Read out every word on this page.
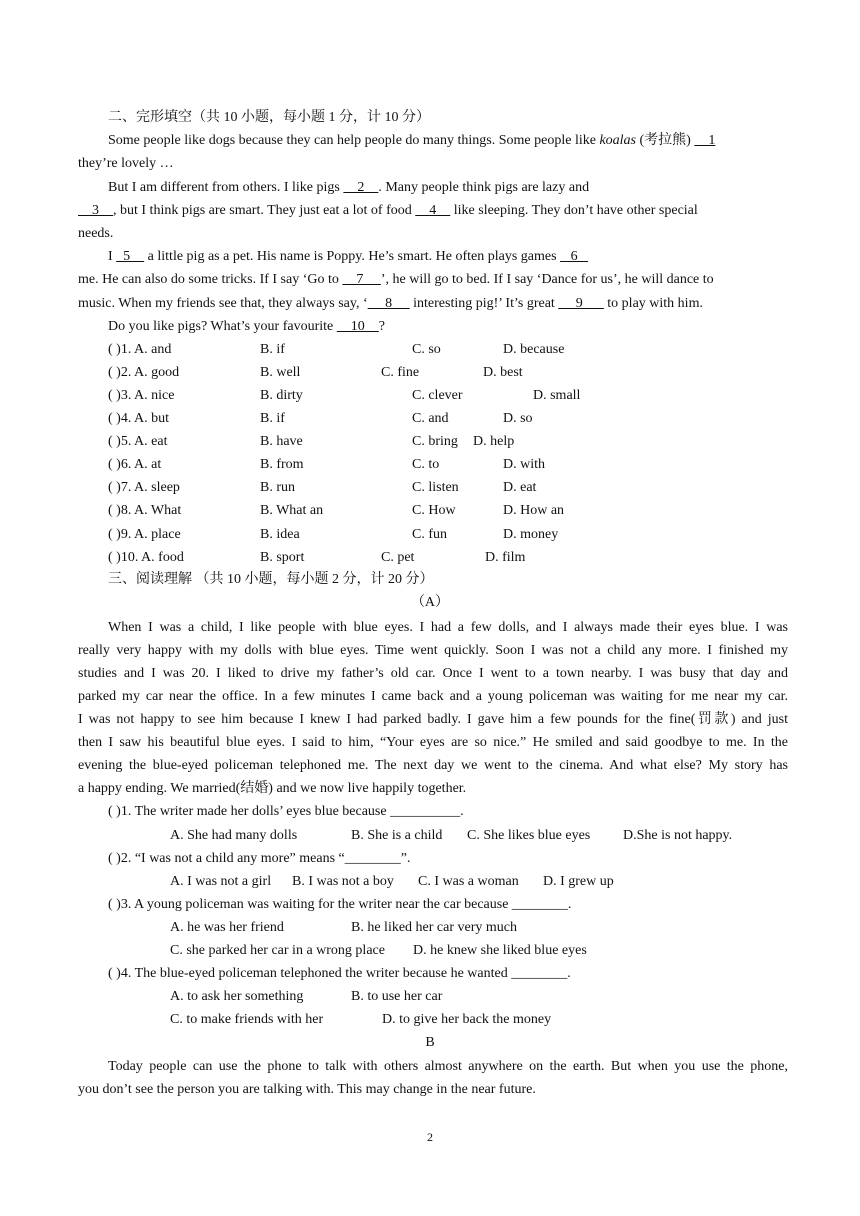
二、完形填空（共 10 小题，每小题 1 分，计 10 分）
Some people like dogs because they can help people do many things. Some people like koalas (考拉熊)     1
they’re lovely …
But I am different from others. I like pigs     2    . Many people think pigs are lazy and
3    , but I think pigs are smart. They just eat a lot of food     4     like sleeping. They don’t have other special
needs.
I   5     a little pig as a pet. His name is Poppy. He’s smart. He often plays games    6
me. He can also do some tricks. If I say ‘Go to     7     ’, he will go to bed. If I say ‘Dance for us’, he will dance to
music. When my friends see that, they always say, ‘     8      interesting pig!’ It’s great      9       to play with him.
Do you like pigs? What’s your favourite     10    ?
( )1. A. and	B. if	C. so	D. because
( )2. A. good	B. well	C. fine	D. best
( )3. A. nice	B. dirty	C. clever	D. small
( )4. A. but	B. if	C. and	D. so
( )5. A. eat	B. have	C. bring D. help
( )6. A. at	B. from	C. to	D. with
( )7. A. sleep	B. run	C. listen	D. eat
( )8. A. What	B. What an	C. How	D. How an
( )9. A. place	B. idea	C. fun	D. money
( )10. A. food	B. sport	C. pet	D. film
三、阅读理解 （共 10 小题，每小题 2 分，计 20 分）
（A）
When I was a child, I like people with blue eyes. I had a few dolls, and I always made their eyes blue. I was
really very happy with my dolls with blue eyes. Time went quickly. Soon I was not a child any more. I finished my
studies and I was 20. I liked to drive my father’s old car. Once I went to a town nearby. I was busy that day and
parked my car near the office. In a few minutes I came back and a young policeman was waiting for me near my car.
I was not happy to see him because I knew I had parked badly. I gave him a few pounds for the fine(罚款) and just
then I saw his beautiful blue eyes. I said to him, “Your eyes are so nice.” He smiled and said goodbye to me. In the
evening the blue-eyed policeman telephoned me. The next day we went to the cinema. And what else? My story has
a happy ending. We married(结婚) and we now live happily together.
( )1. The writer made her dolls’ eyes blue because __________.
A. She had many dolls	B. She is a child C. She likes blue eyes D.She is not happy.
( )2. “I was not a child any more” means “________”.
A. I was not a girl B. I was not a boy C. I was a woman D. I grew up
( )3. A young policeman was waiting for the writer near the car because ________.
A. he was her friend	B. he liked her car very much
C. she parked her car in a wrong place D. he knew she liked blue eyes
( )4. The blue-eyed policeman telephoned the writer because he wanted ________.
A. to ask her something	B. to use her car
C. to make friends with her	D. to give her back the money
B
Today people can use the phone to talk with others almost anywhere on the earth. But when you use the phone,
you don’t see the person you are talking with. This may change in the near future.
2
